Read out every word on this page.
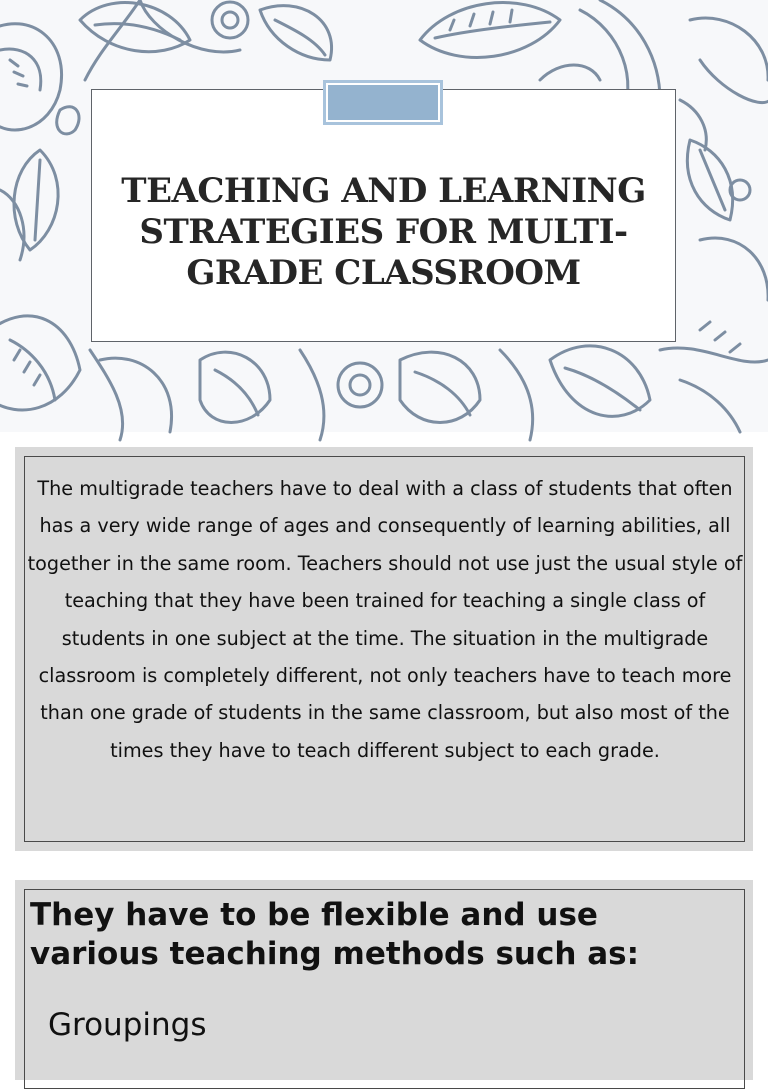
TEACHING AND LEARNING STRATEGIES FOR MULTI-GRADE CLASSROOM

The multigrade teachers have to deal with a class of students that often has a very wide range of ages and consequently of learning abilities, all together in the same room. Teachers should not use just the usual style of teaching that they have been trained for teaching a single class of students in one subject at the time. The situation in the multigrade classroom is completely different, not only teachers have to teach more than one grade of students in the same classroom, but also most of the times they have to teach different subject to each grade.

They have to be flexible and use various teaching methods such as:
Groupings
